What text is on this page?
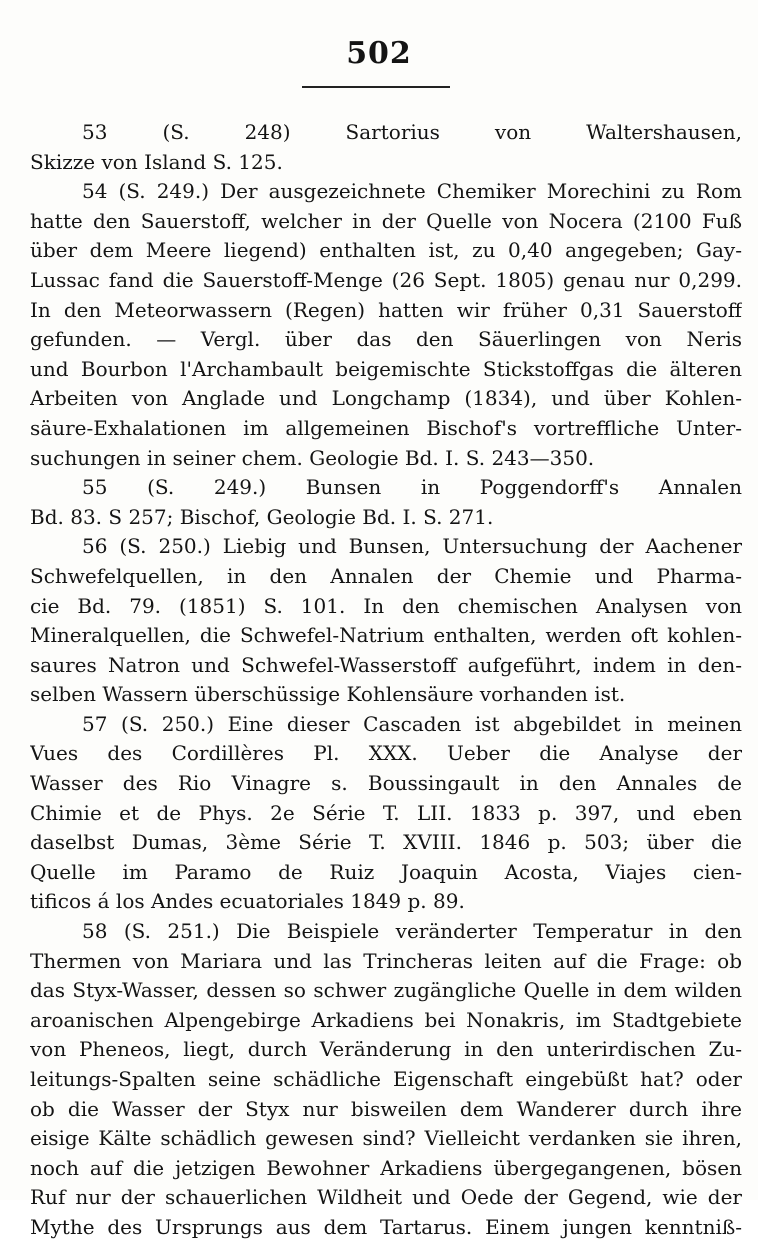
502
53 (S. 248) Sartorius von Waltershausen,
Skizze von Island S. 125.
54 (S. 249.) Der ausgezeichnete Chemiker Morechini zu Rom
hatte den Sauerstoff, welcher in der Quelle von Nocera (2100 Fuß
über dem Meere liegend) enthalten ist, zu 0,40 angegeben; Gay-
Lussac fand die Sauerstoff-Menge (26 Sept. 1805) genau nur 0,299.
In den Meteorwassern (Regen) hatten wir früher 0,31 Sauerstoff
gefunden. — Vergl. über das den Säuerlingen von Neris
und Bourbon l'Archambault beigemischte Stickstoffgas die älteren
Arbeiten von Anglade und Longchamp (1834), und über Kohlen-
säure-Exhalationen im allgemeinen Bischof's vortreffliche Unter-
suchungen in seiner chem. Geologie Bd. I. S. 243—350.
55 (S. 249.) Bunsen in Poggendorff's Annalen
Bd. 83. S 257; Bischof, Geologie Bd. I. S. 271.
56 (S. 250.) Liebig und Bunsen, Untersuchung der Aachener
Schwefelquellen, in den Annalen der Chemie und Pharma-
cie Bd. 79. (1851) S. 101. In den chemischen Analysen von
Mineralquellen, die Schwefel-Natrium enthalten, werden oft kohlen-
saures Natron und Schwefel-Wasserstoff aufgeführt, indem in den-
selben Wassern überschüssige Kohlensäure vorhanden ist.
57 (S. 250.) Eine dieser Cascaden ist abgebildet in meinen
Vues des Cordillères Pl. XXX. Ueber die Analyse der
Wasser des Rio Vinagre s. Boussingault in den Annales de
Chimie et de Phys. 2e Série T. LII. 1833 p. 397, und eben
daselbst Dumas, 3ème Série T. XVIII. 1846 p. 503; über die
Quelle im Paramo de Ruiz Joaquin Acosta, Viajes cien-
tificos á los Andes ecuatoriales 1849 p. 89.
58 (S. 251.) Die Beispiele veränderter Temperatur in den
Thermen von Mariara und las Trincheras leiten auf die Frage: ob
das Styx-Wasser, dessen so schwer zugängliche Quelle in dem wilden
aroanischen Alpengebirge Arkadiens bei Nonakris, im Stadtgebiete
von Pheneos, liegt, durch Veränderung in den unterirdischen Zu-
leitungs-Spalten seine schädliche Eigenschaft eingebüßt hat? oder
ob die Wasser der Styx nur bisweilen dem Wanderer durch ihre
eisige Kälte schädlich gewesen sind? Vielleicht verdanken sie ihren,
noch auf die jetzigen Bewohner Arkadiens übergegangenen, bösen
Ruf nur der schauerlichen Wildheit und Oede der Gegend, wie der
Mythe des Ursprungs aus dem Tartarus. Einem jungen kenntniß-
